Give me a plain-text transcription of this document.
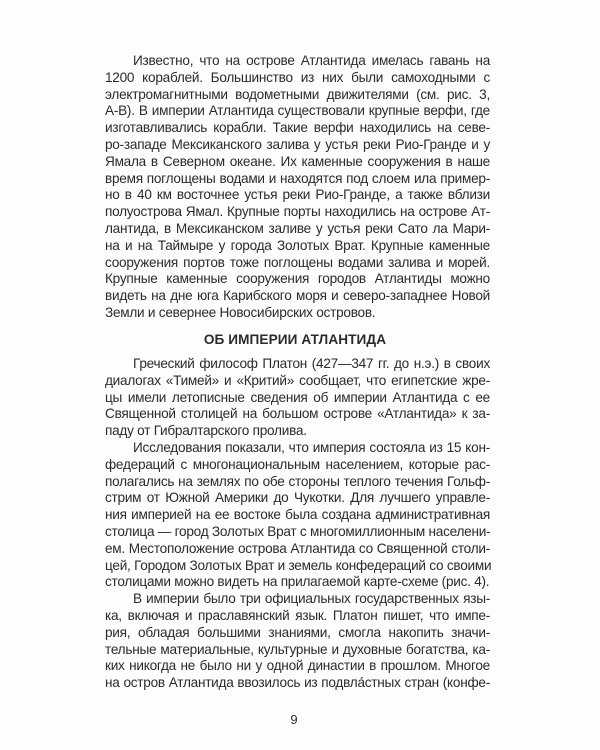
Известно, что на острове Атлантида имелась гавань на
1200 кораблей. Большинство из них были самоходными с
электромагнитными водометными движителями (см. рис. 3,
А-В). В империи Атлантида существовали крупные верфи, где
изготавливались корабли. Такие верфи находились на севе-
ро-западе Мексиканского залива у устья реки Рио-Гранде и у
Ямала в Северном океане. Их каменные сооружения в наше
время поглощены водами и находятся под слоем ила пример-
но в 40 км восточнее устья реки Рио-Гранде, а также вблизи
полуострова Ямал. Крупные порты находились на острове Ат-
лантида, в Мексиканском заливе у устья реки Сато ла Мари-
на и на Таймыре у города Золотых Врат. Крупные каменные
сооружения портов тоже поглощены водами залива и морей.
Крупные каменные сооружения городов Атлантиды можно
видеть на дне юга Карибского моря и северо-западнее Новой
Земли и севернее Новосибирских островов.
ОБ ИМПЕРИИ АТЛАНТИДА
Греческий философ Платон (427—347 гг. до н.э.) в своих
диалогах «Тимей» и «Критий» сообщает, что египетские жре-
цы имели летописные сведения об империи Атлантида с ее
Священной столицей на большом острове «Атлантида» к за-
паду от Гибралтарского пролива.
Исследования показали, что империя состояла из 15 кон-
федераций с многонациональным населением, которые рас-
полагались на землях по обе стороны теплого течения Гольф-
стрим от Южной Америки до Чукотки. Для лучшего управле-
ния империей на ее востоке была создана административная
столица — город Золотых Врат с многомиллионным населени-
ем. Местоположение острова Атлантида со Священной столи-
цей, Городом Золотых Врат и земель конфедераций со своими
столицами можно видеть на прилагаемой карте-схеме (рис. 4).
В империи было три официальных государственных язы-
ка, включая и праславянский язык. Платон пишет, что импе-
рия, обладая большими знаниями, смогла накопить значи-
тельные материальные, культурные и духовные богатства, ка-
ких никогда не было ни у одной династии в прошлом. Многое
на остров Атлантида ввозилось из подвла́стных стран (конфе-
9
